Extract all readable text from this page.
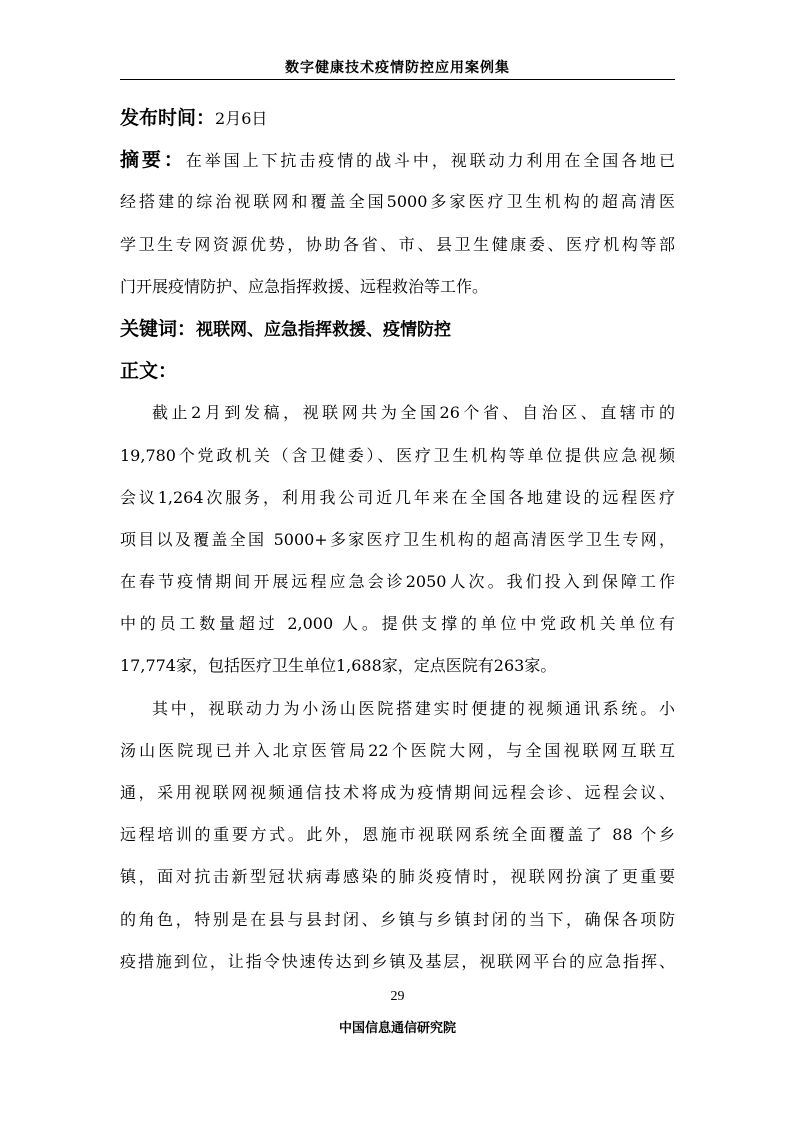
数字健康技术疫情防控应用案例集
发布时间：2月6日
摘要：在举国上下抗击疫情的战斗中，视联动力利用在全国各地已
经搭建的综治视联网和覆盖全国5000多家医疗卫生机构的超高清医
学卫生专网资源优势，协助各省、市、县卫生健康委、医疗机构等部
门开展疫情防护、应急指挥救援、远程救治等工作。
关键词：视联网、应急指挥救援、疫情防控
正文：
截止2月到发稿，视联网共为全国26个省、自治区、直辖市的
19,780个党政机关（含卫健委）、医疗卫生机构等单位提供应急视频
会议1,264次服务，利用我公司近几年来在全国各地建设的远程医疗
项目以及覆盖全国 5000+多家医疗卫生机构的超高清医学卫生专网，
在春节疫情期间开展远程应急会诊2050人次。我们投入到保障工作
中的员工数量超过 2,000 人。提供支撑的单位中党政机关单位有
17,774家，包括医疗卫生单位1,688家，定点医院有263家。
其中，视联动力为小汤山医院搭建实时便捷的视频通讯系统。小
汤山医院现已并入北京医管局22个医院大网，与全国视联网互联互
通，采用视联网视频通信技术将成为疫情期间远程会诊、远程会议、
远程培训的重要方式。此外，恩施市视联网系统全面覆盖了 88 个乡
镇，面对抗击新型冠状病毒感染的肺炎疫情时，视联网扮演了更重要
的角色，特别是在县与县封闭、乡镇与乡镇封闭的当下，确保各项防
疫措施到位，让指令快速传达到乡镇及基层，视联网平台的应急指挥、
29
中国信息通信研究院
